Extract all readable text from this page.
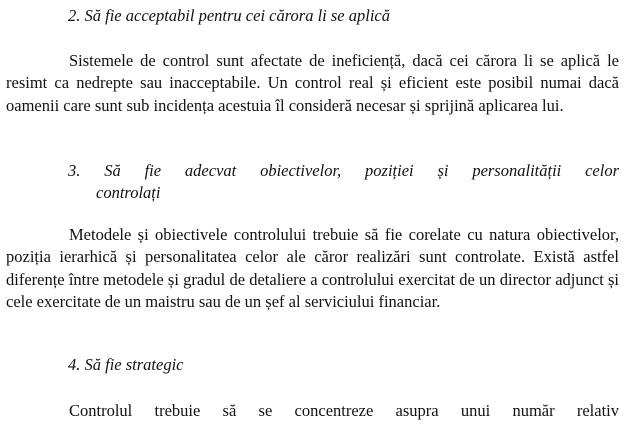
2. Să fie acceptabil pentru cei cărora li se aplică
Sistemele de control sunt afectate de ineficiență, dacă cei cărora li se aplică le resimt ca nedrepte sau inacceptabile. Un control real și eficient este posibil numai dacă oamenii care sunt sub incidența acestuia îl consideră necesar și sprijină aplicarea lui.
3. Să fie adecvat obiectivelor, poziției și personalității celor
controlați
Metodele și obiectivele controlului trebuie să fie corelate cu natura obiectivelor, poziția ierarhică și personalitatea celor ale căror realizări sunt controlate. Există astfel diferențe între metodele și gradul de detaliere a controlului exercitat de un director adjunct și cele exercitate de un maistru sau de un șef al serviciului financiar.
4. Să fie strategic
Controlul trebuie să se concentreze asupra unui număr relativ
